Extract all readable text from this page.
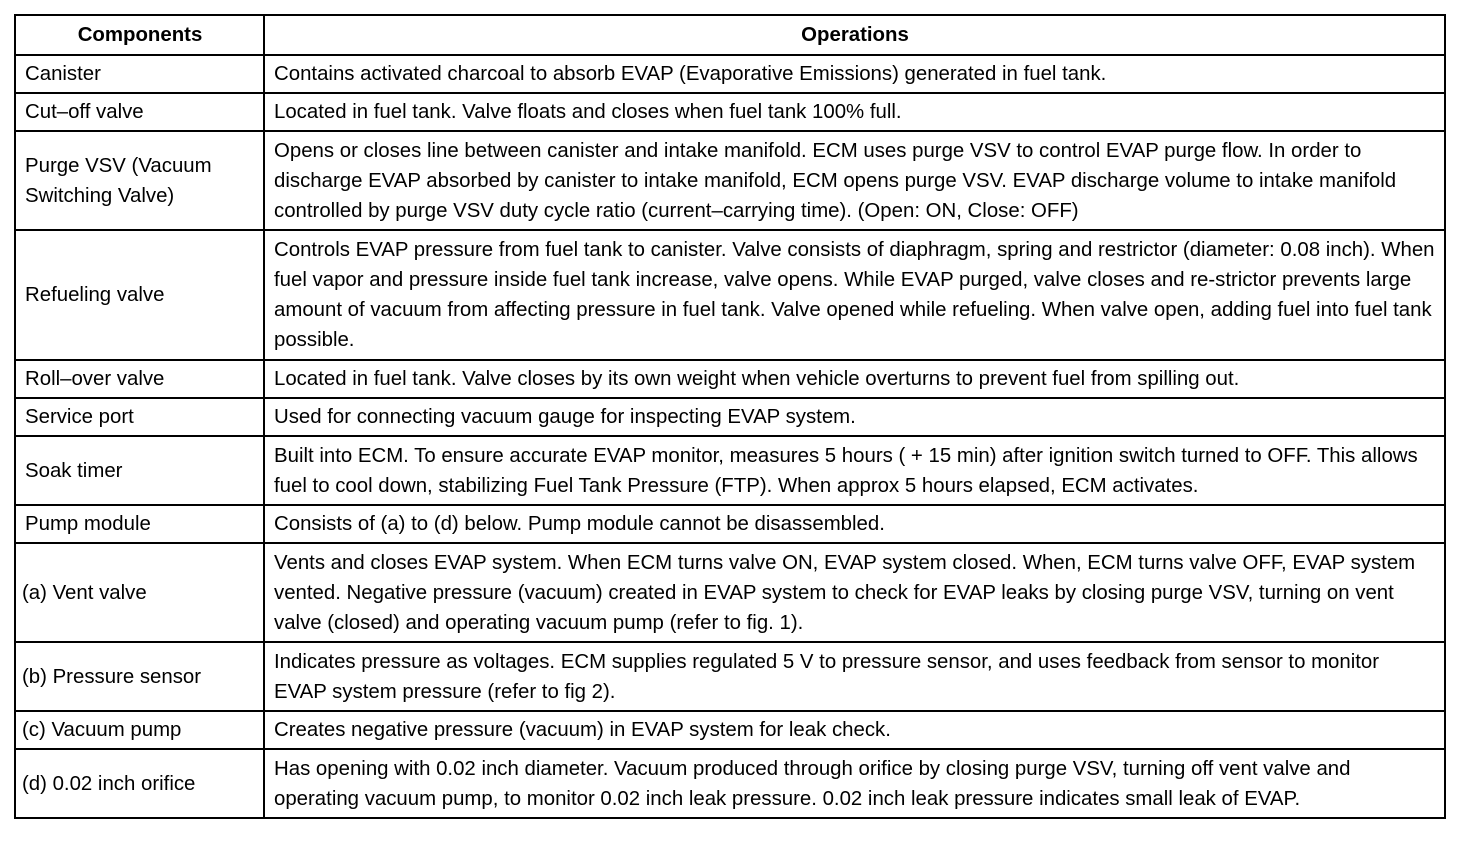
Components	Operations
Canister	Contains activated charcoal to absorb EVAP (Evaporative Emissions) generated in fuel tank.
Cut–off valve	Located in fuel tank. Valve floats and closes when fuel tank 100% full.
Purge VSV (Vacuum Switching Valve)	Opens or closes line between canister and intake manifold. ECM uses purge VSV to control EVAP purge flow. In order to discharge EVAP absorbed by canister to intake manifold, ECM opens purge VSV. EVAP discharge volume to intake manifold controlled by purge VSV duty cycle ratio (current–carrying time). (Open: ON, Close: OFF)
Refueling valve	Controls EVAP pressure from fuel tank to canister. Valve consists of diaphragm, spring and restrictor (diameter: 0.08 inch). When fuel vapor and pressure inside fuel tank increase, valve opens. While EVAP purged, valve closes and re-strictor prevents large amount of vacuum from affecting pressure in fuel tank. Valve opened while refueling. When valve open, adding fuel into fuel tank possible.
Roll–over valve	Located in fuel tank. Valve closes by its own weight when vehicle overturns to prevent fuel from spilling out.
Service port	Used for connecting vacuum gauge for inspecting EVAP system.
Soak timer	Built into ECM. To ensure accurate EVAP monitor, measures 5 hours ( + 15 min) after ignition switch turned to OFF. This allows fuel to cool down, stabilizing Fuel Tank Pressure (FTP). When approx 5 hours elapsed, ECM activates.
Pump module	Consists of (a) to (d) below. Pump module cannot be disassembled.
(a) Vent valve	Vents and closes EVAP system. When ECM turns valve ON, EVAP system closed. When, ECM turns valve OFF, EVAP system vented. Negative pressure (vacuum) created in EVAP system to check for EVAP leaks by closing purge VSV, turning on vent valve (closed) and operating vacuum pump (refer to fig. 1).
(b) Pressure sensor	Indicates pressure as voltages. ECM supplies regulated 5 V to pressure sensor, and uses feedback from sensor to monitor EVAP system pressure (refer to fig 2).
(c) Vacuum pump	Creates negative pressure (vacuum) in EVAP system for leak check.
(d) 0.02 inch orifice	Has opening with 0.02 inch diameter. Vacuum produced through orifice by closing purge VSV, turning off vent valve and operating vacuum pump, to monitor 0.02 inch leak pressure. 0.02 inch leak pressure indicates small leak of EVAP.
